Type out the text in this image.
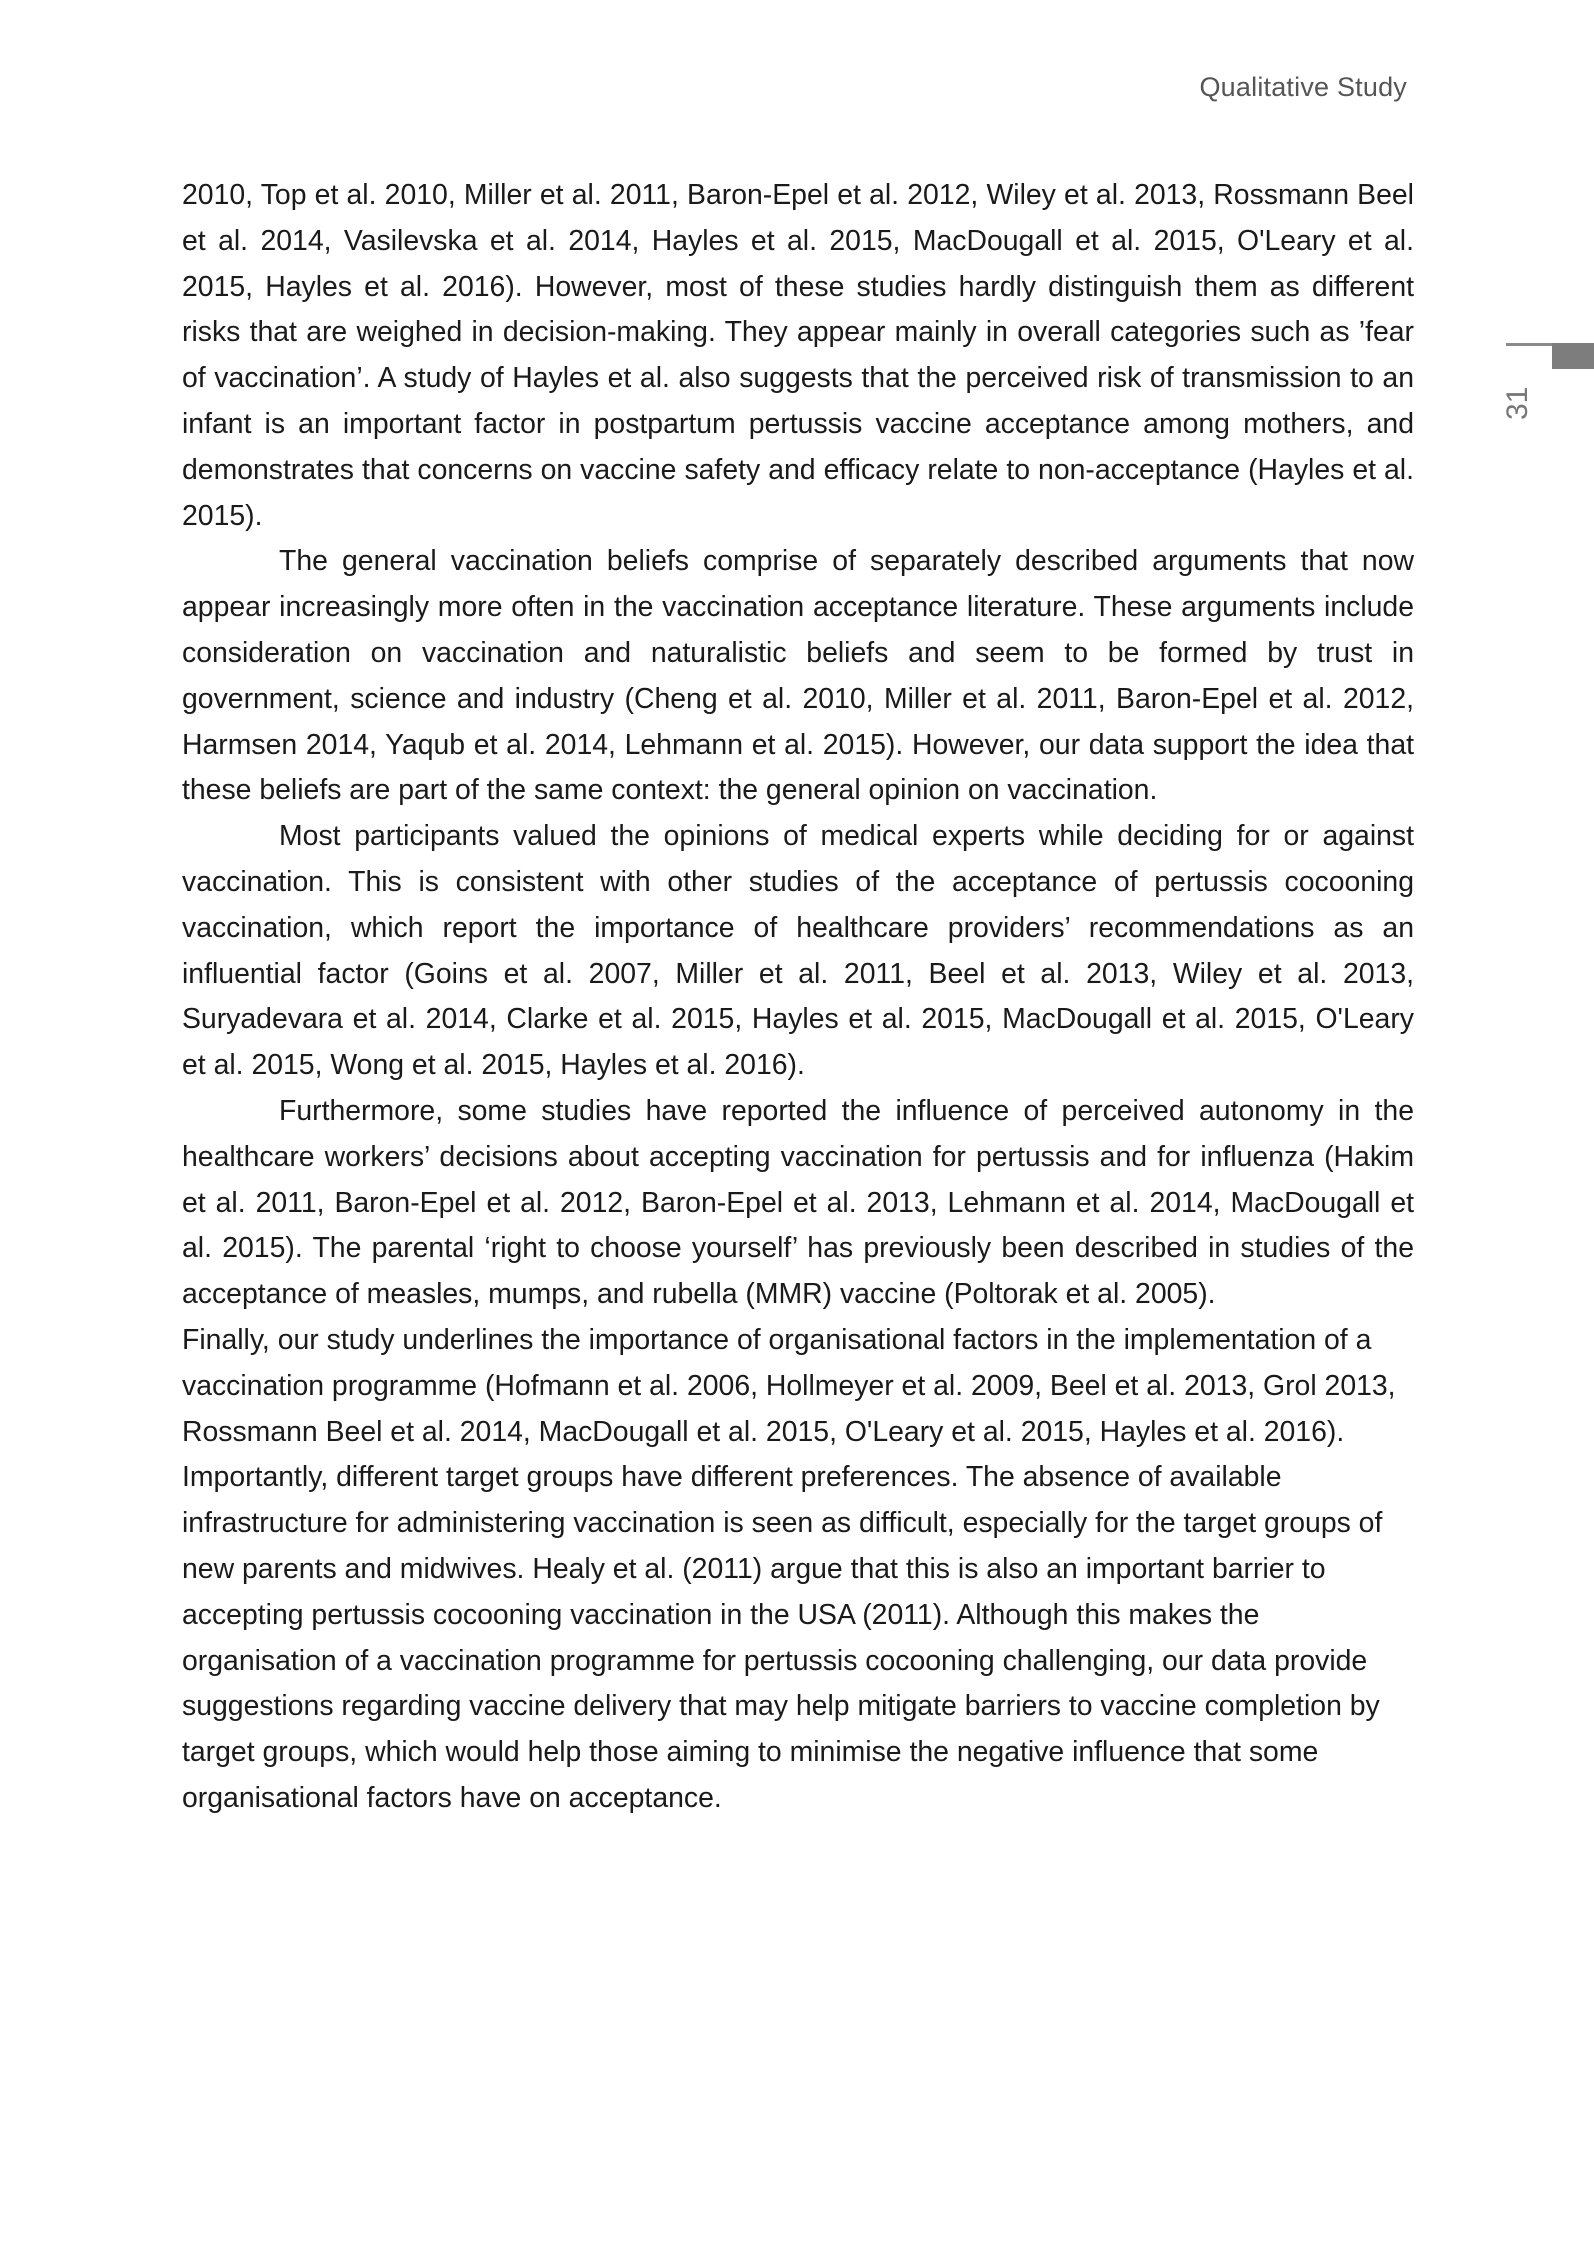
Qualitative Study
31

2010, Top et al. 2010, Miller et al. 2011, Baron-Epel et al. 2012, Wiley et al. 2013, Rossmann Beel et al. 2014, Vasilevska et al. 2014, Hayles et al. 2015, MacDougall et al. 2015, O'Leary et al. 2015, Hayles et al. 2016). However, most of these studies hardly distinguish them as different risks that are weighed in decision-making. They appear mainly in overall categories such as ’fear of vaccination’. A study of Hayles et al. also suggests that the perceived risk of transmission to an infant is an important factor in postpartum pertussis vaccine acceptance among mothers, and demonstrates that concerns on vaccine safety and efficacy relate to non-acceptance (Hayles et al. 2015).

The general vaccination beliefs comprise of separately described arguments that now appear increasingly more often in the vaccination acceptance literature. These arguments include consideration on vaccination and naturalistic beliefs and seem to be formed by trust in government, science and industry (Cheng et al. 2010, Miller et al. 2011, Baron-Epel et al. 2012, Harmsen 2014, Yaqub et al. 2014, Lehmann et al. 2015). However, our data support the idea that these beliefs are part of the same context: the general opinion on vaccination.

Most participants valued the opinions of medical experts while deciding for or against vaccination. This is consistent with other studies of the acceptance of pertussis cocooning vaccination, which report the importance of healthcare providers’ recommendations as an influential factor (Goins et al. 2007, Miller et al. 2011, Beel et al. 2013, Wiley et al. 2013, Suryadevara et al. 2014, Clarke et al. 2015, Hayles et al. 2015, MacDougall et al. 2015, O'Leary et al. 2015, Wong et al. 2015, Hayles et al. 2016).

Furthermore, some studies have reported the influence of perceived autonomy in the healthcare workers’ decisions about accepting vaccination for pertussis and for influenza (Hakim et al. 2011, Baron-Epel et al. 2012, Baron-Epel et al. 2013, Lehmann et al. 2014, MacDougall et al. 2015). The parental ‘right to choose yourself’ has previously been described in studies of the acceptance of measles, mumps, and rubella (MMR) vaccine (Poltorak et al. 2005).

Finally, our study underlines the importance of organisational factors in the implementation of a vaccination programme (Hofmann et al. 2006, Hollmeyer et al. 2009, Beel et al. 2013, Grol 2013, Rossmann Beel et al. 2014, MacDougall et al. 2015, O'Leary et al. 2015, Hayles et al. 2016). Importantly, different target groups have different preferences. The absence of available infrastructure for administering vaccination is seen as difficult, especially for the target groups of new parents and midwives. Healy et al. (2011) argue that this is also an important barrier to accepting pertussis cocooning vaccination in the USA (2011). Although this makes the organisation of a vaccination programme for pertussis cocooning challenging, our data provide suggestions regarding vaccine delivery that may help mitigate barriers to vaccine completion by target groups, which would help those aiming to minimise the negative influence that some organisational factors have on acceptance.
